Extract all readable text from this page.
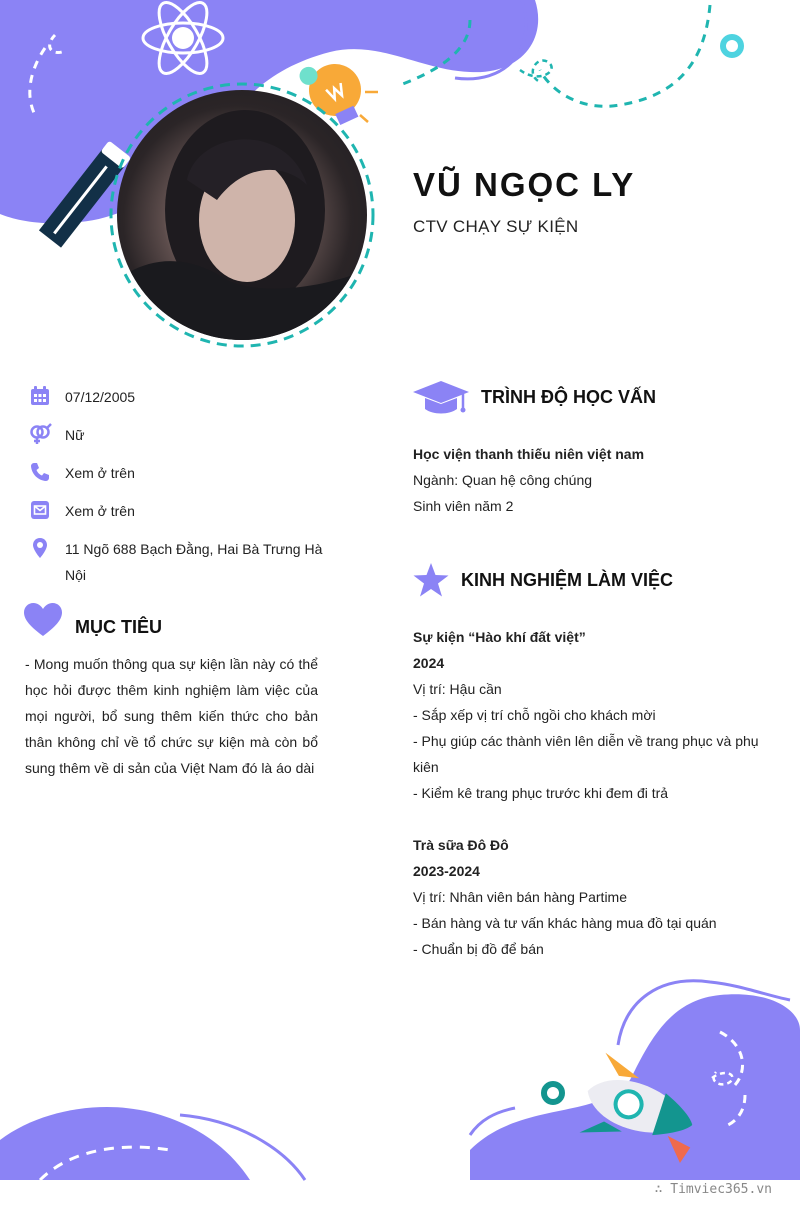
VŨ NGỌC LY
CTV CHẠY SỰ KIỆN
07/12/2005
Nữ
Xem ở trên
Xem ở trên
11 Ngõ 688 Bạch Đằng, Hai Bà Trưng Hà Nội
MỤC TIÊU
- Mong muốn thông qua sự kiện lần này có thể học hỏi được thêm kinh nghiệm làm việc của mọi người, bổ sung thêm kiến thức cho bản thân không chỉ về tổ chức sự kiện mà còn bổ sung thêm về di sản của Việt Nam đó là áo dài
TRÌNH ĐỘ HỌC VẤN
Học viện thanh thiếu niên việt nam
Ngành: Quan hệ công chúng
Sinh viên năm 2
KINH NGHIỆM LÀM VIỆC
Sự kiện “Hào khí đất việt”
2024
Vị trí: Hậu cần
- Sắp xếp vị trí chỗ ngồi cho khách mời
- Phụ giúp các thành viên lên diễn về trang phục và phụ kiên
- Kiểm kê trang phục trước khi đem đi trả
Trà sữa Đô Đô
2023-2024
Vị trí: Nhân viên bán hàng Partime
- Bán hàng và tư vấn khác hàng mua đồ tại quán
- Chuẩn bị đồ để bán
∴ Timviec365.vn
